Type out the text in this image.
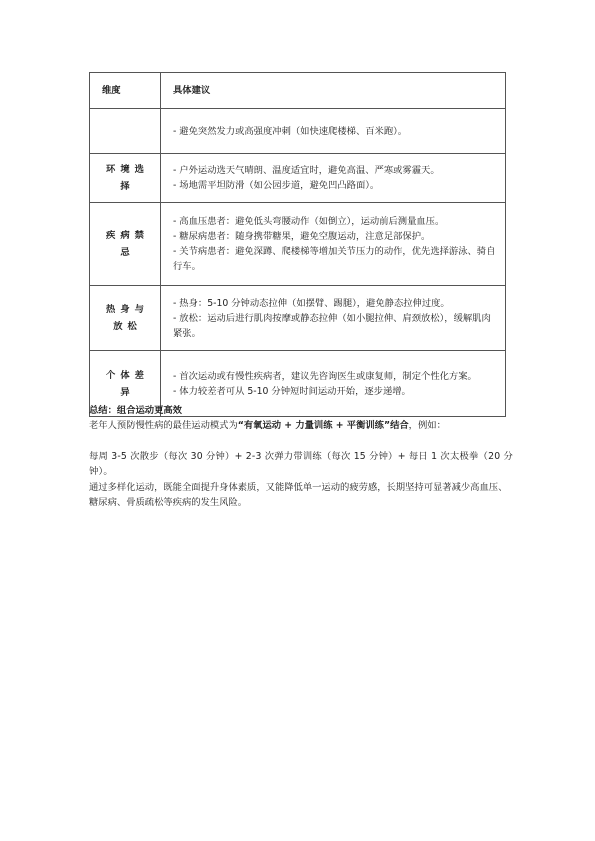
维度	具体建议

	- 避免突然发力或高强度冲刺（如快速爬楼梯、百米跑）。

环境选择	- 户外运动选天气晴朗、温度适宜时，避免高温、严寒或雾霾天。
- 场地需平坦防滑（如公园步道，避免凹凸路面）。

疾病禁忌	- 高血压患者：避免低头弯腰动作（如倒立），运动前后测量血压。
- 糖尿病患者：随身携带糖果，避免空腹运动，注意足部保护。
- 关节病患者：避免深蹲、爬楼梯等增加关节压力的动作，优先选择游泳、骑自行车。

热身与放松	- 热身：5-10 分钟动态拉伸（如摆臂、踢腿），避免静态拉伸过度。
- 放松：运动后进行肌肉按摩或静态拉伸（如小腿拉伸、肩颈放松），缓解肌肉紧张。

个体差异	- 首次运动或有慢性疾病者，建议先咨询医生或康复师，制定个性化方案。
- 体力较差者可从 5-10 分钟短时间运动开始，逐步递增。
总结：组合运动更高效
老年人预防慢性病的最佳运动模式为“有氧运动 + 力量训练 + 平衡训练”结合，例如：
每周 3-5 次散步（每次 30 分钟）+ 2-3 次弹力带训练（每次 15 分钟）+ 每日 1 次太极拳（20 分钟）。
通过多样化运动，既能全面提升身体素质，又能降低单一运动的疲劳感，长期坚持可显著减少高血压、糖尿病、骨质疏松等疾病的发生风险。
